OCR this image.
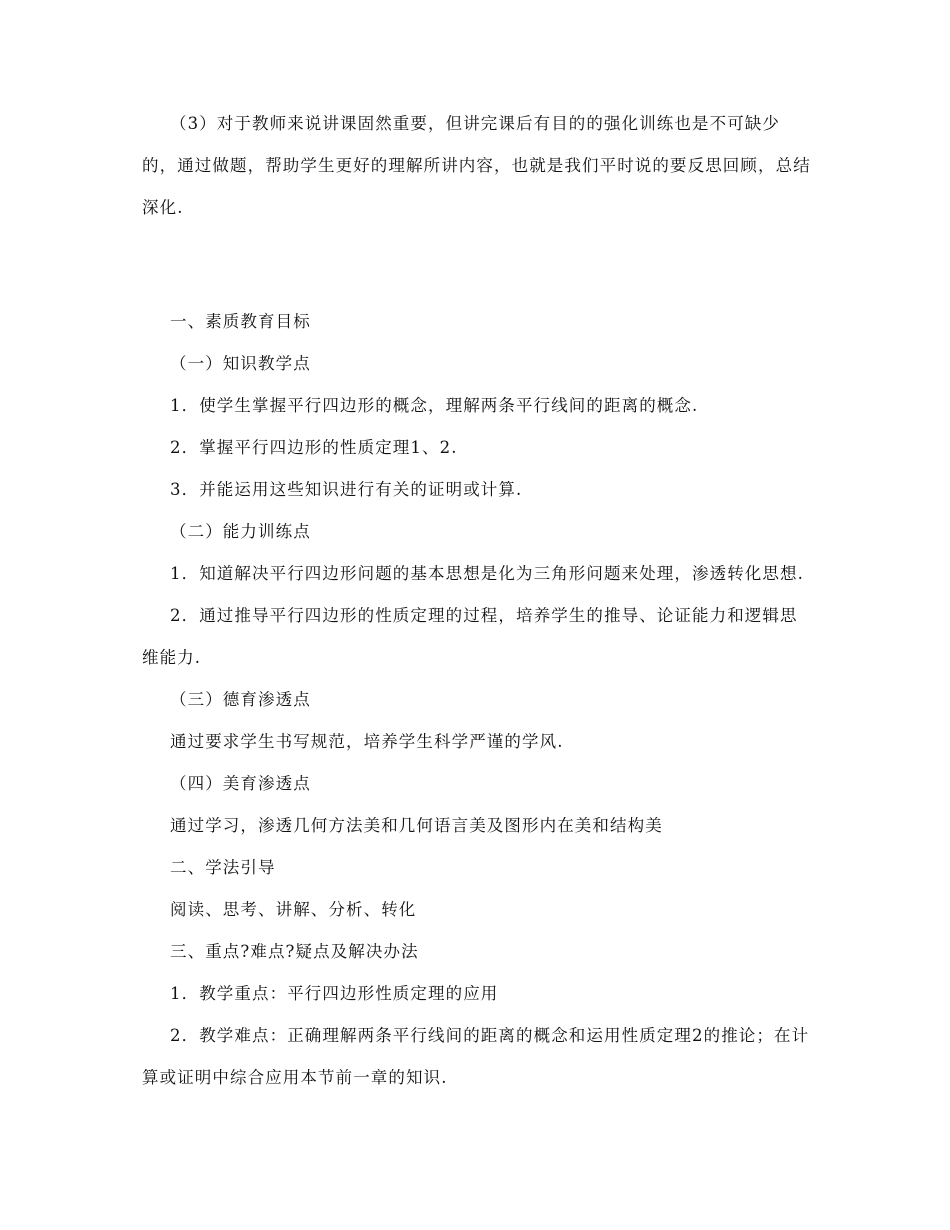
（3）对于教师来说讲课固然重要，但讲完课后有目的的强化训练也是不可缺少的，通过做题，帮助学生更好的理解所讲内容，也就是我们平时说的要反思回顾，总结深化.

一、素质教育目标

（一）知识教学点

1．使学生掌握平行四边形的概念，理解两条平行线间的距离的概念.

2．掌握平行四边形的性质定理1、2.

3．并能运用这些知识进行有关的证明或计算.

（二）能力训练点

1．知道解决平行四边形问题的基本思想是化为三角形问题来处理，渗透转化思想.

2．通过推导平行四边形的性质定理的过程，培养学生的推导、论证能力和逻辑思维能力.

（三）德育渗透点

通过要求学生书写规范，培养学生科学严谨的学风.

（四）美育渗透点

通过学习，渗透几何方法美和几何语言美及图形内在美和结构美

二、学法引导

阅读、思考、讲解、分析、转化

三、重点?难点?疑点及解决办法

1．教学重点：平行四边形性质定理的应用

2．教学难点：正确理解两条平行线间的距离的概念和运用性质定理2的推论；在计算或证明中综合应用本节前一章的知识.
